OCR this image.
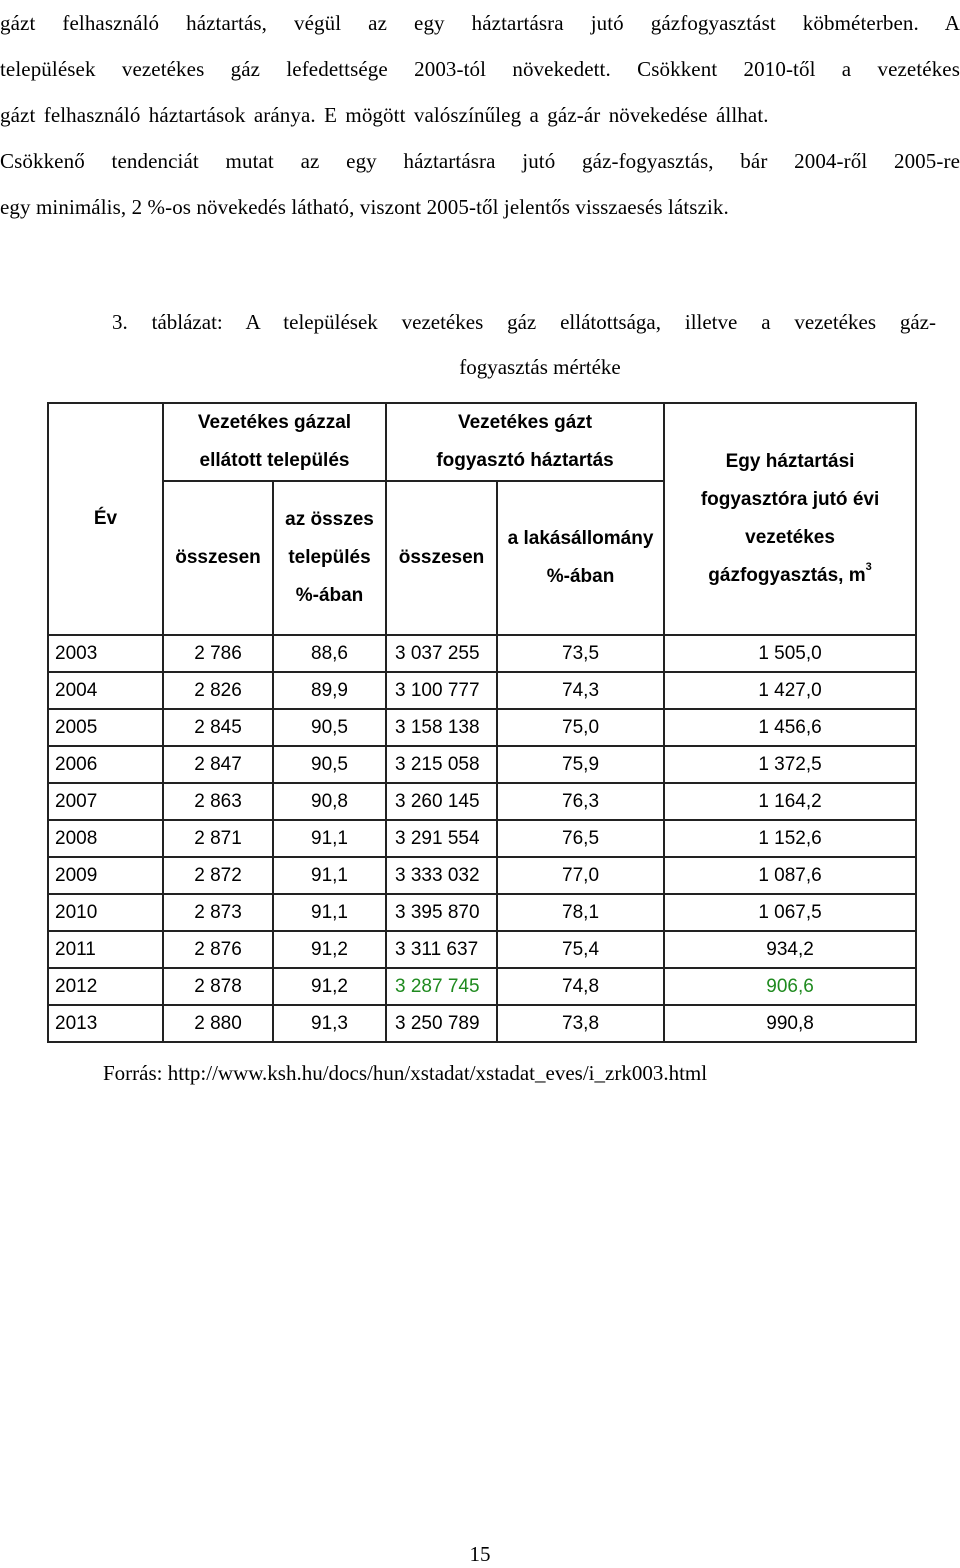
gázt felhasználó háztartás, végül az egy háztartásra jutó gázfogyasztást köbméterben. A
települések vezetékes gáz lefedettsége 2003-tól növekedett. Csökkent 2010-től a vezetékes
gázt felhasználó háztartások aránya. E mögött valószínűleg a gáz-ár növekedése állhat.
Csökkenő tendenciát mutat az egy háztartásra jutó gáz-fogyasztás, bár 2004-ről 2005-re
egy minimális, 2 %-os növekedés látható, viszont 2005-től jelentős visszaesés látszik.
3. táblázat: A települések vezetékes gáz ellátottsága, illetve a vezetékes gáz-
fogyasztás mértéke
Év	Vezetékes gázzal ellátott település		Vezetékes gázt fogyasztó háztartás		Egy háztartási fogyasztóra jutó évi vezetékes gázfogyasztás, $m^3$
	összesen	az összes település %-ában	összesen	a lakásállomány %-ában	
2003	2 786	88,6	3 037 255	73,5	1 505,0
2004	2 826	89,9	3 100 777	74,3	1 427,0
2005	2 845	90,5	3 158 138	75,0	1 456,6
2006	2 847	90,5	3 215 058	75,9	1 372,5
2007	2 863	90,8	3 260 145	76,3	1 164,2
2008	2 871	91,1	3 291 554	76,5	1 152,6
2009	2 872	91,1	3 333 032	77,0	1 087,6
2010	2 873	91,1	3 395 870	78,1	1 067,5
2011	2 876	91,2	3 311 637	75,4	934,2
2012	2 878	91,2	3 287 745	74,8	906,6
2013	2 880	91,3	3 250 789	73,8	990,8
Forrás: http://www.ksh.hu/docs/hun/xstadat/xstadat_eves/i_zrk003.html
15
